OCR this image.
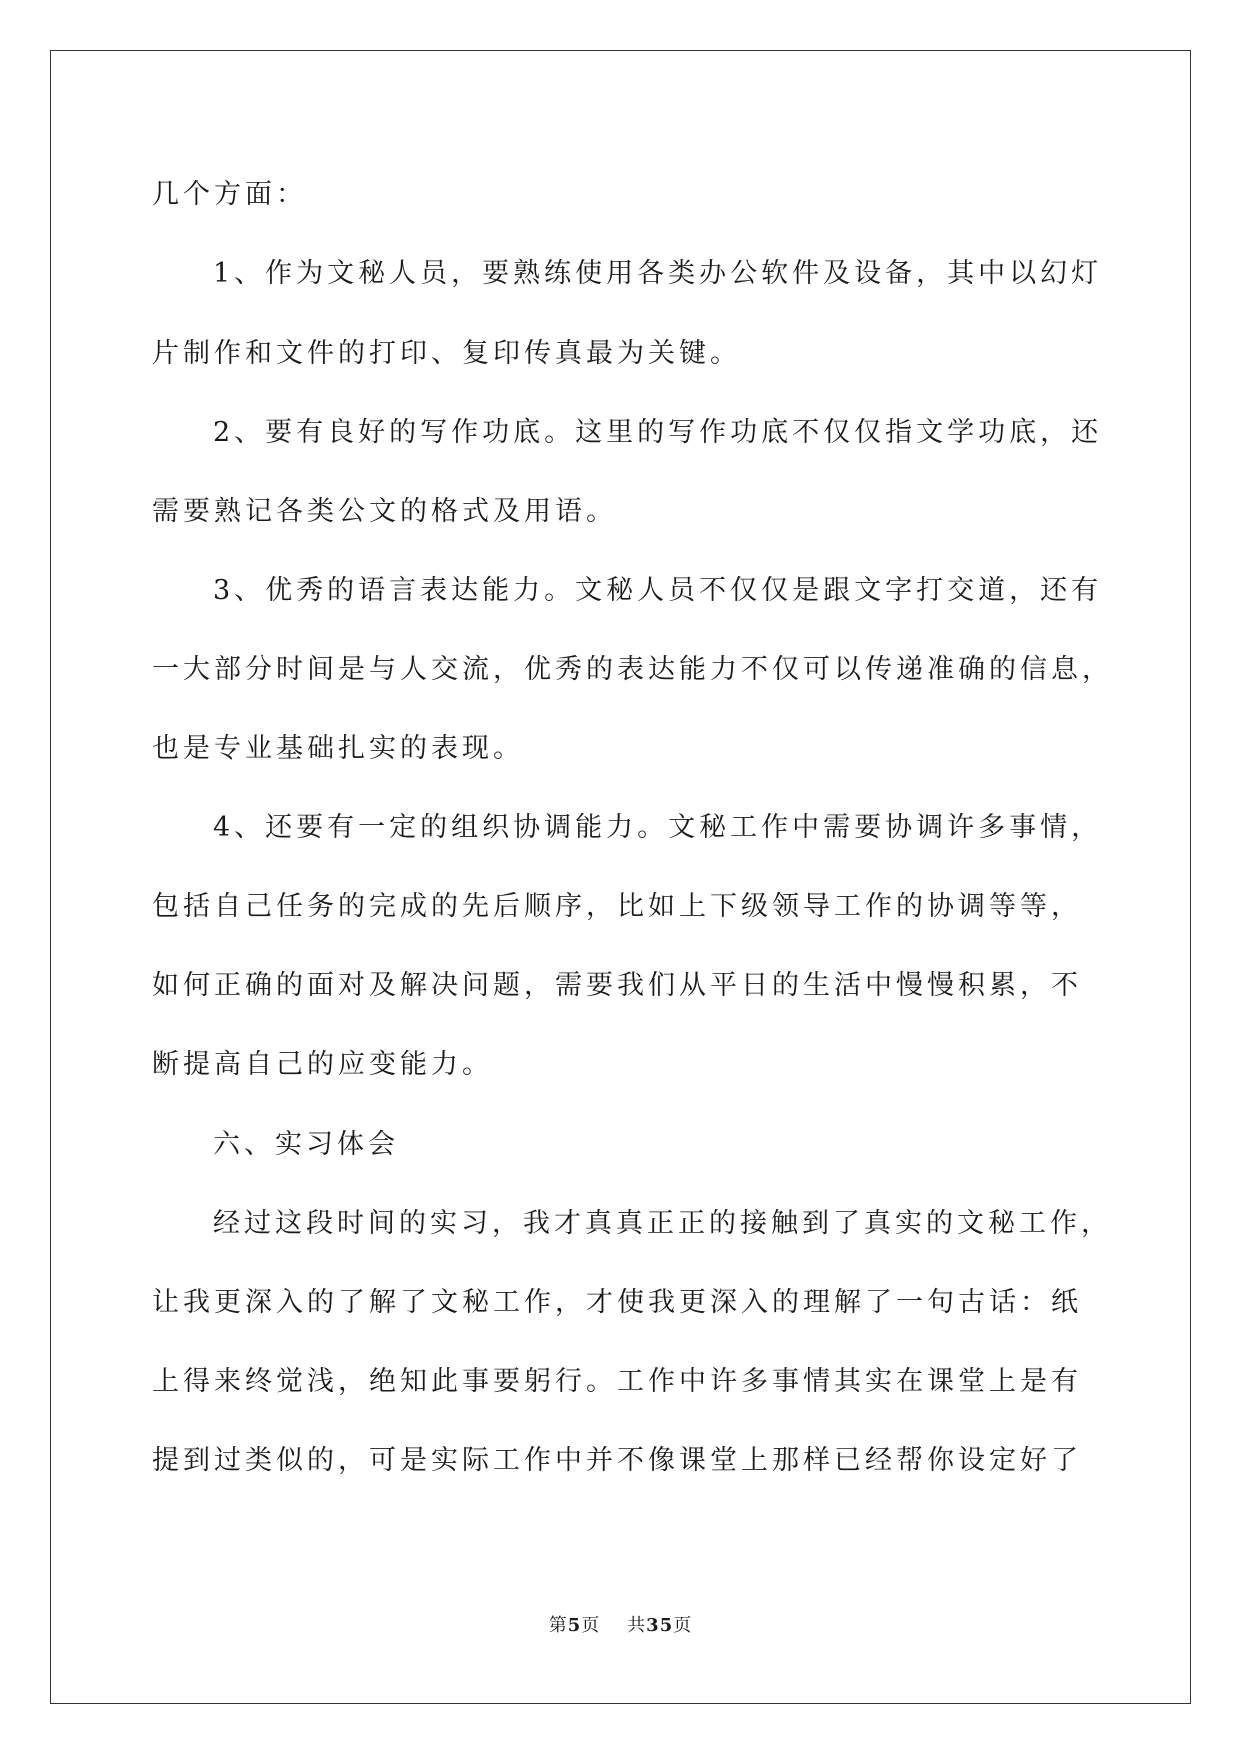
几个方面：
1、作为文秘人员，要熟练使用各类办公软件及设备，其中以幻灯
片制作和文件的打印、复印传真最为关键。
2、要有良好的写作功底。这里的写作功底不仅仅指文学功底，还
需要熟记各类公文的格式及用语。
3、优秀的语言表达能力。文秘人员不仅仅是跟文字打交道，还有
一大部分时间是与人交流，优秀的表达能力不仅可以传递准确的信息，
也是专业基础扎实的表现。
4、还要有一定的组织协调能力。文秘工作中需要协调许多事情，
包括自己任务的完成的先后顺序，比如上下级领导工作的协调等等，
如何正确的面对及解决问题，需要我们从平日的生活中慢慢积累，不
断提高自己的应变能力。
六、实习体会
经过这段时间的实习，我才真真正正的接触到了真实的文秘工作，
让我更深入的了解了文秘工作，才使我更深入的理解了一句古话：纸
上得来终觉浅，绝知此事要躬行。工作中许多事情其实在课堂上是有
提到过类似的，可是实际工作中并不像课堂上那样已经帮你设定好了
第5页 共35页
